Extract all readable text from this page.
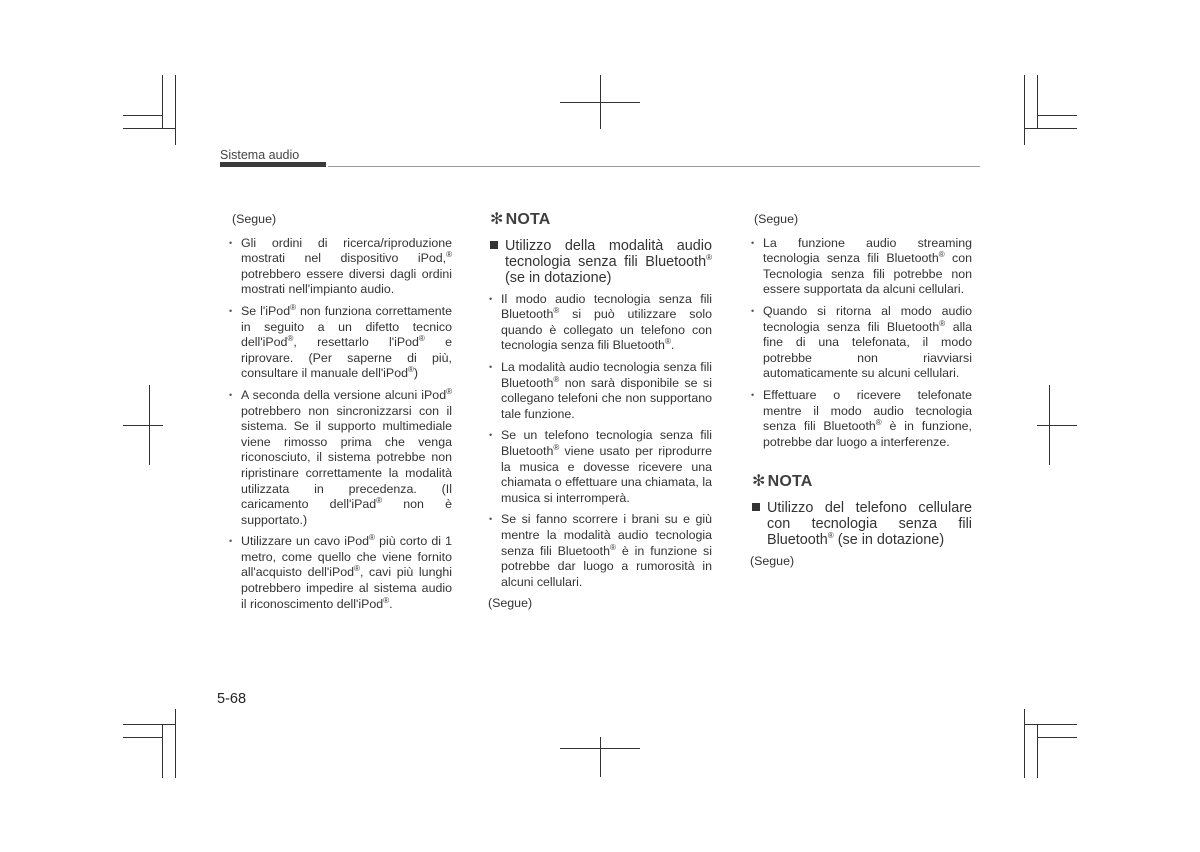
Sistema audio
(Segue)
• Gli ordini di ricerca/riproduzione mostrati nel dispositivo iPod,® potrebbero essere diversi dagli ordini mostrati nell'impianto audio.

• Se l'iPod® non funziona correttamente in seguito a un difetto tecnico dell'iPod®, resettarlo l'iPod® e riprovare. (Per saperne di più, consultare il manuale dell'iPod®)

• A seconda della versione alcuni iPod® potrebbero non sincronizzarsi con il sistema. Se il supporto multimediale viene rimosso prima che venga riconosciuto, il sistema potrebbe non ripristinare correttamente la modalità utilizzata in precedenza. (Il caricamento dell'iPad® non è supportato.)

• Utilizzare un cavo iPod® più corto di 1 metro, come quello che viene fornito all'acquisto dell'iPod®, cavi più lunghi potrebbero impedire al sistema audio il riconoscimento dell'iPod®.

✻ NOTA

Utilizzo della modalità audio tecnologia senza fili Bluetooth® (se in dotazione)

• Il modo audio tecnologia senza fili Bluetooth® si può utilizzare solo quando è collegato un telefono con tecnologia senza fili Bluetooth®.

• La modalità audio tecnologia senza fili Bluetooth® non sarà disponibile se si collegano telefoni che non supportano tale funzione.

• Se un telefono tecnologia senza fili Bluetooth® viene usato per riprodurre la musica e dovesse ricevere una chiamata o effettuare una chiamata, la musica si interromperà.

• Se si fanno scorrere i brani su e giù mentre la modalità audio tecnologia senza fili Bluetooth® è in funzione si potrebbe dar luogo a rumorosità in alcuni cellulari.

(Segue)
(Segue)
• La funzione audio streaming tecnologia senza fili Bluetooth® con Tecnologia senza fili potrebbe non essere supportata da alcuni cellulari.

• Quando si ritorna al modo audio tecnologia senza fili Bluetooth® alla fine di una telefonata, il modo potrebbe non riavviarsi automaticamente su alcuni cellulari.

• Effettuare o ricevere telefonate mentre il modo audio tecnologia senza fili Bluetooth® è in funzione, potrebbe dar luogo a interferenze.

✻ NOTA

Utilizzo del telefono cellulare con tecnologia senza fili Bluetooth® (se in dotazione)

(Segue)
5-68
